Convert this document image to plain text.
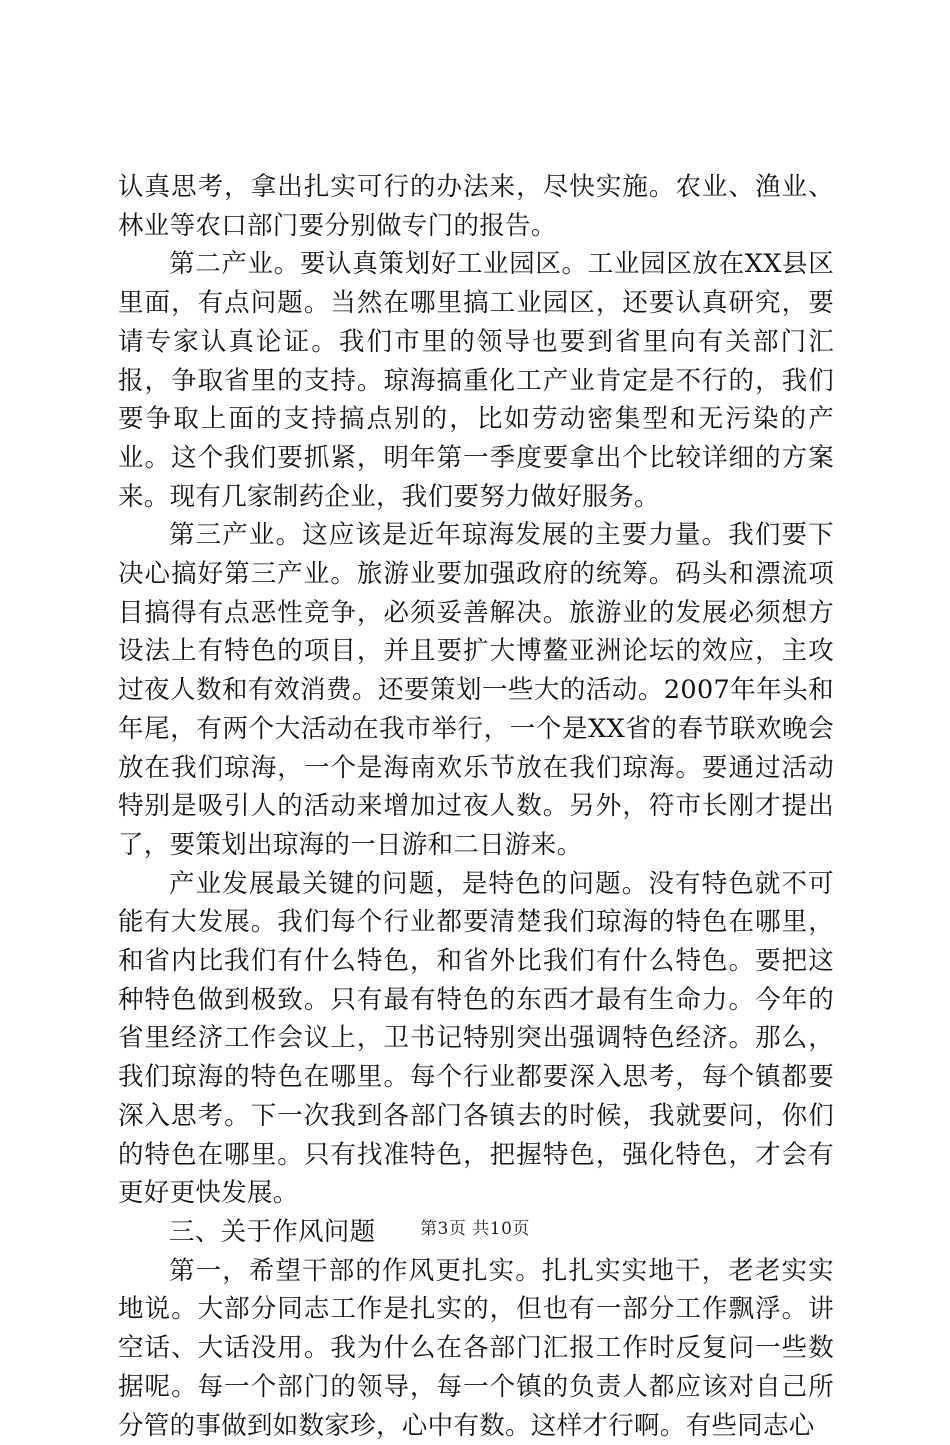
认真思考，拿出扎实可行的办法来，尽快实施。农业、渔业、林业等农口部门要分别做专门的报告。

第二产业。要认真策划好工业园区。工业园区放在XX县区里面，有点问题。当然在哪里搞工业园区，还要认真研究，要请专家认真论证。我们市里的领导也要到省里向有关部门汇报，争取省里的支持。琼海搞重化工产业肯定是不行的，我们要争取上面的支持搞点别的，比如劳动密集型和无污染的产业。这个我们要抓紧，明年第一季度要拿出个比较详细的方案来。现有几家制药企业，我们要努力做好服务。

第三产业。这应该是近年琼海发展的主要力量。我们要下决心搞好第三产业。旅游业要加强政府的统筹。码头和漂流项目搞得有点恶性竞争，必须妥善解决。旅游业的发展必须想方设法上有特色的项目，并且要扩大博鳌亚洲论坛的效应，主攻过夜人数和有效消费。还要策划一些大的活动。2007年年头和年尾，有两个大活动在我市举行，一个是XX省的春节联欢晚会放在我们琼海，一个是海南欢乐节放在我们琼海。要通过活动特别是吸引人的活动来增加过夜人数。另外，符市长刚才提出了，要策划出琼海的一日游和二日游来。

产业发展最关键的问题，是特色的问题。没有特色就不可能有大发展。我们每个行业都要清楚我们琼海的特色在哪里，和省内比我们有什么特色，和省外比我们有什么特色。要把这种特色做到极致。只有最有特色的东西才最有生命力。今年的省里经济工作会议上，卫书记特别突出强调特色经济。那么，我们琼海的特色在哪里。每个行业都要深入思考，每个镇都要深入思考。下一次我到各部门各镇去的时候，我就要问，你们的特色在哪里。只有找准特色，把握特色，强化特色，才会有更好更快发展。

三、关于作风问题

第一，希望干部的作风更扎实。扎扎实实地干，老老实实地说。大部分同志工作是扎实的，但也有一部分工作飘浮。讲空话、大话没用。我为什么在各部门汇报工作时反复问一些数据呢。每一个部门的领导，每一个镇的负责人都应该对自己所分管的事做到如数家珍，心中有数。这样才行啊。有些同志心

第3页 共10页
